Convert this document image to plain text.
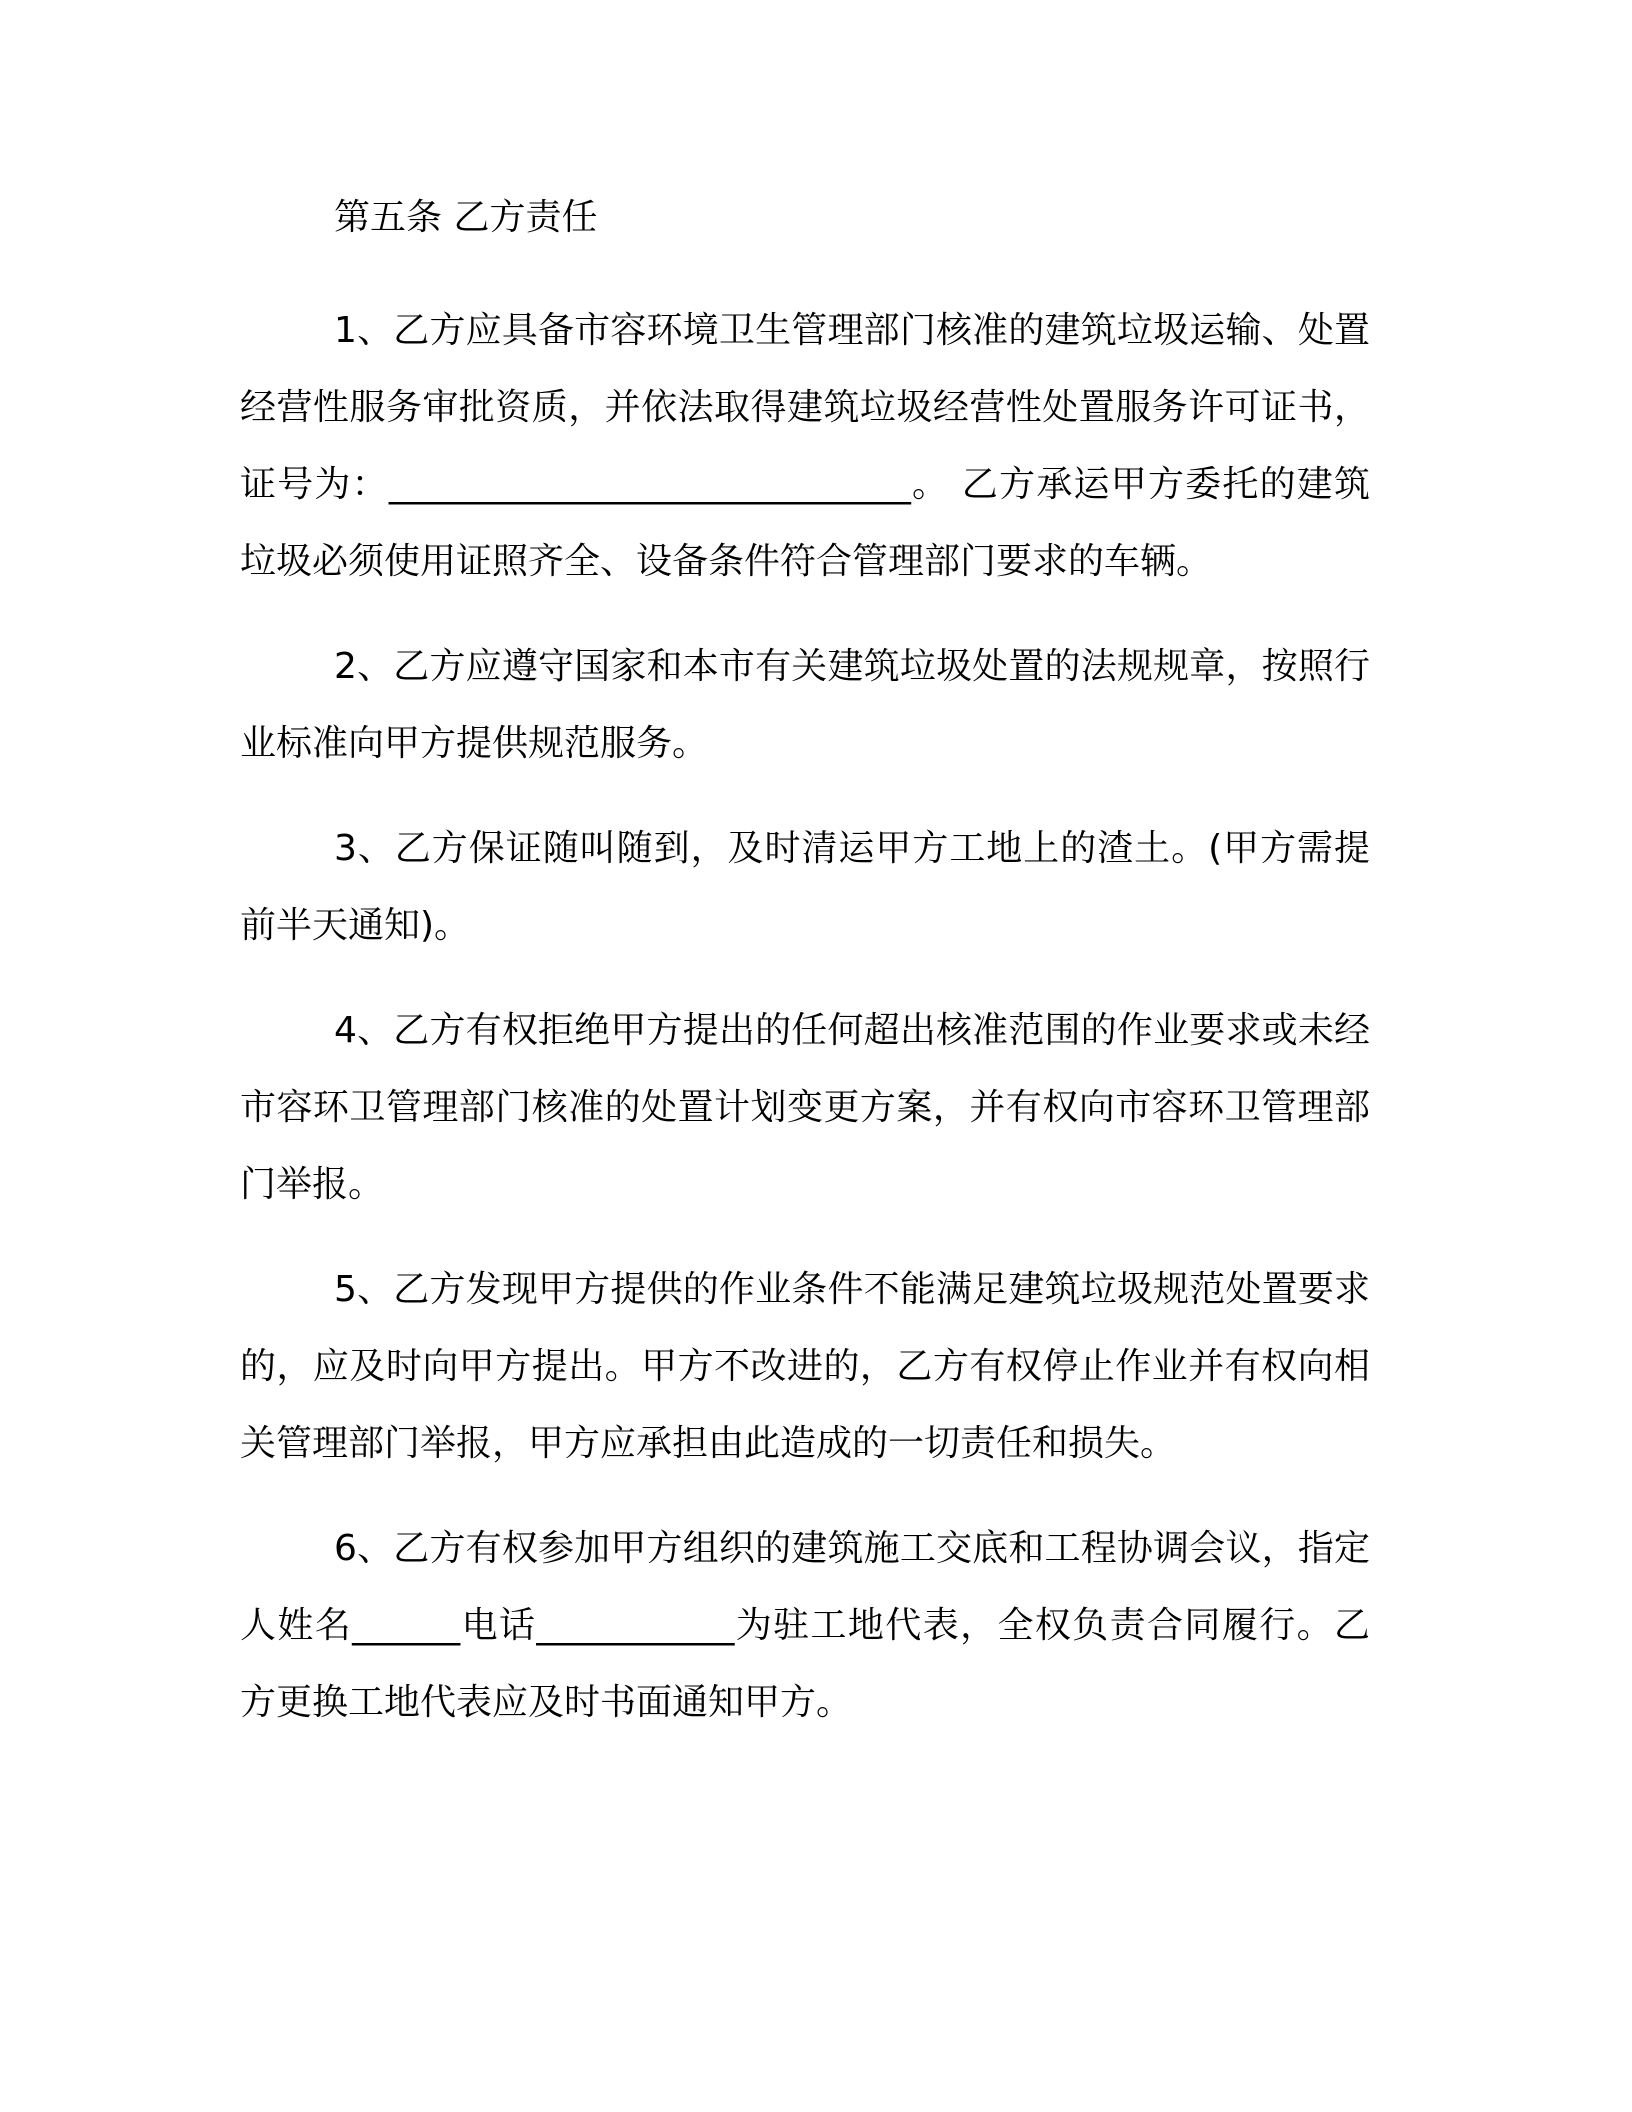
第五条 乙方责任

1、乙方应具备市容环境卫生管理部门核准的建筑垃圾运输、处置经营性服务审批资质，并依法取得建筑垃圾经营性处置服务许可证书，证号为：_____________________________。 乙方承运甲方委托的建筑垃圾必须使用证照齐全、设备条件符合管理部门要求的车辆。

2、乙方应遵守国家和本市有关建筑垃圾处置的法规规章，按照行业标准向甲方提供规范服务。

3、乙方保证随叫随到，及时清运甲方工地上的渣土。(甲方需提前半天通知)。

4、乙方有权拒绝甲方提出的任何超出核准范围的作业要求或未经市容环卫管理部门核准的处置计划变更方案，并有权向市容环卫管理部门举报。

5、乙方发现甲方提供的作业条件不能满足建筑垃圾规范处置要求的，应及时向甲方提出。甲方不改进的，乙方有权停止作业并有权向相关管理部门举报，甲方应承担由此造成的一切责任和损失。

6、乙方有权参加甲方组织的建筑施工交底和工程协调会议，指定人姓名______电话___________为驻工地代表，全权负责合同履行。乙方更换工地代表应及时书面通知甲方。
